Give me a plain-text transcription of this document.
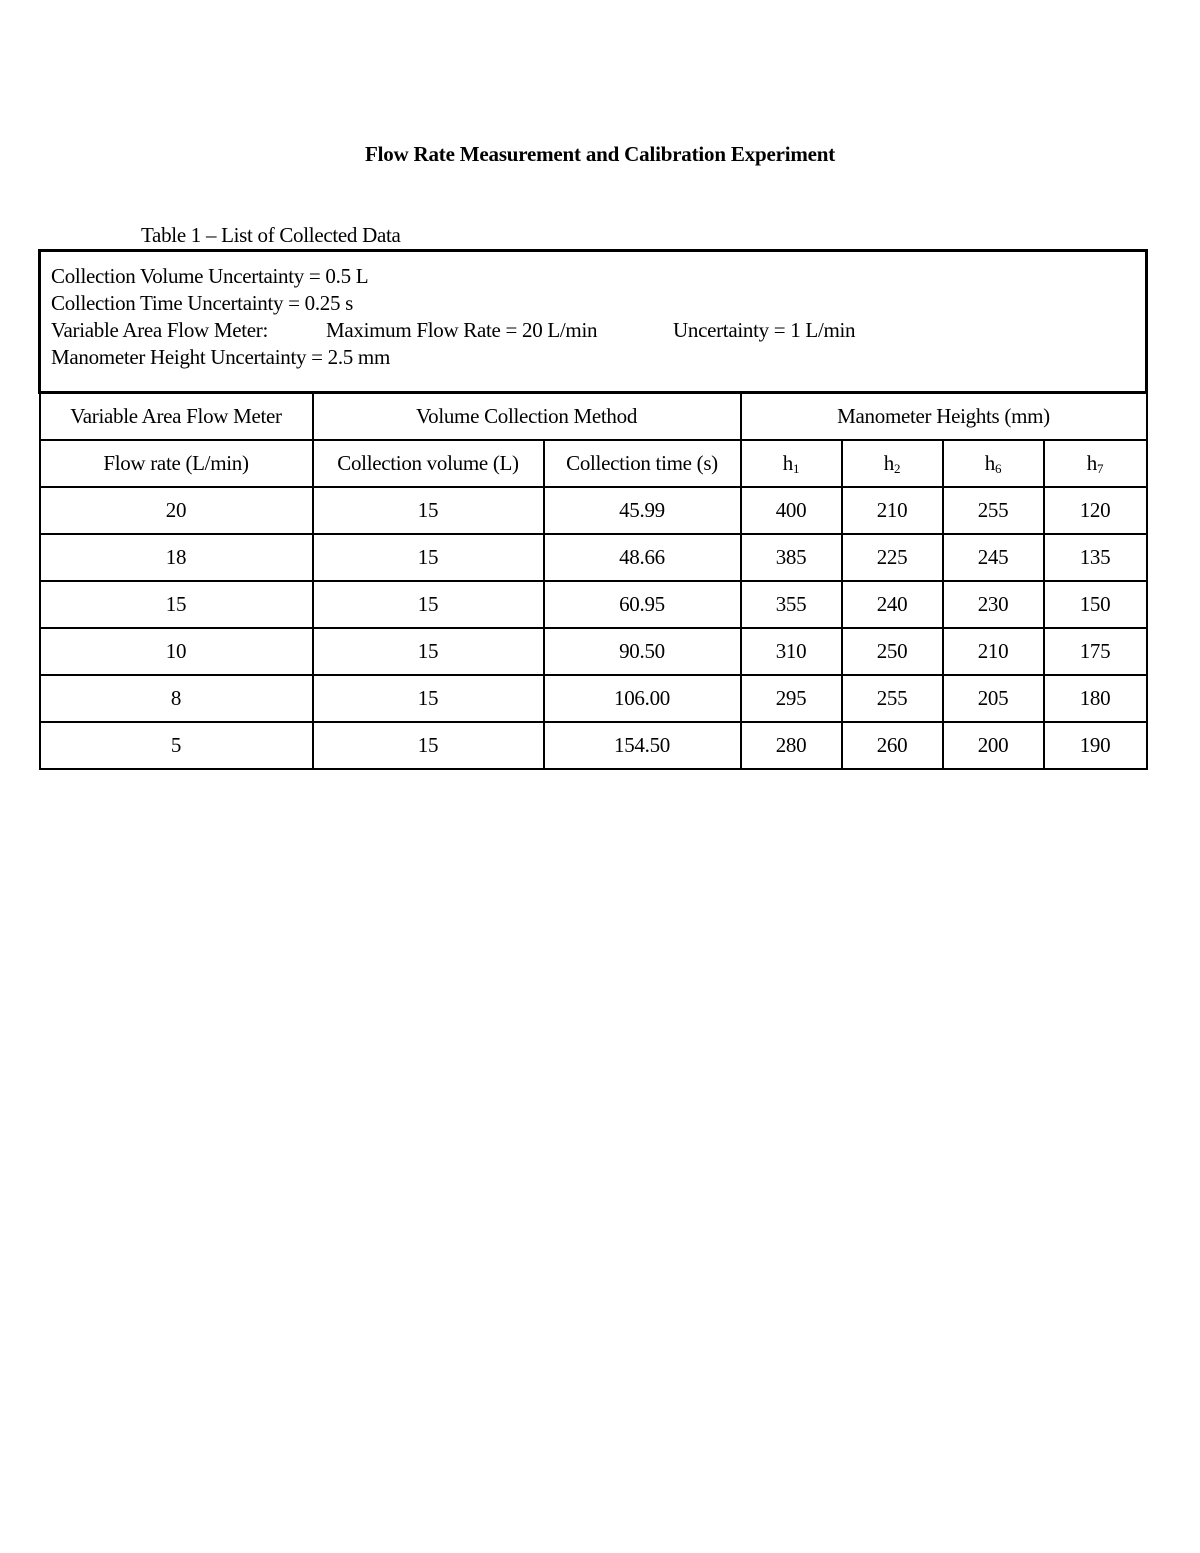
Flow Rate Measurement and Calibration Experiment
Table 1 – List of Collected Data
Collection Volume Uncertainty = 0.5 L
Collection Time Uncertainty = 0.25 s
Variable Area Flow Meter: Maximum Flow Rate = 20 L/min Uncertainty = 1 L/min
Manometer Height Uncertainty = 2.5 mm						

Variable Area Flow Meter	Volume Collection Method		Manometer Heights (mm)			
Flow rate (L/min)	Collection volume (L)	Collection time (s)	$h_1$	$h_2$	$h_6$	$h_7$
20	15	45.99	400	210	255	120
18	15	48.66	385	225	245	135
15	15	60.95	355	240	230	150
10	15	90.50	310	250	210	175
8	15	106.00	295	255	205	180
5	15	154.50	280	260	200	190
